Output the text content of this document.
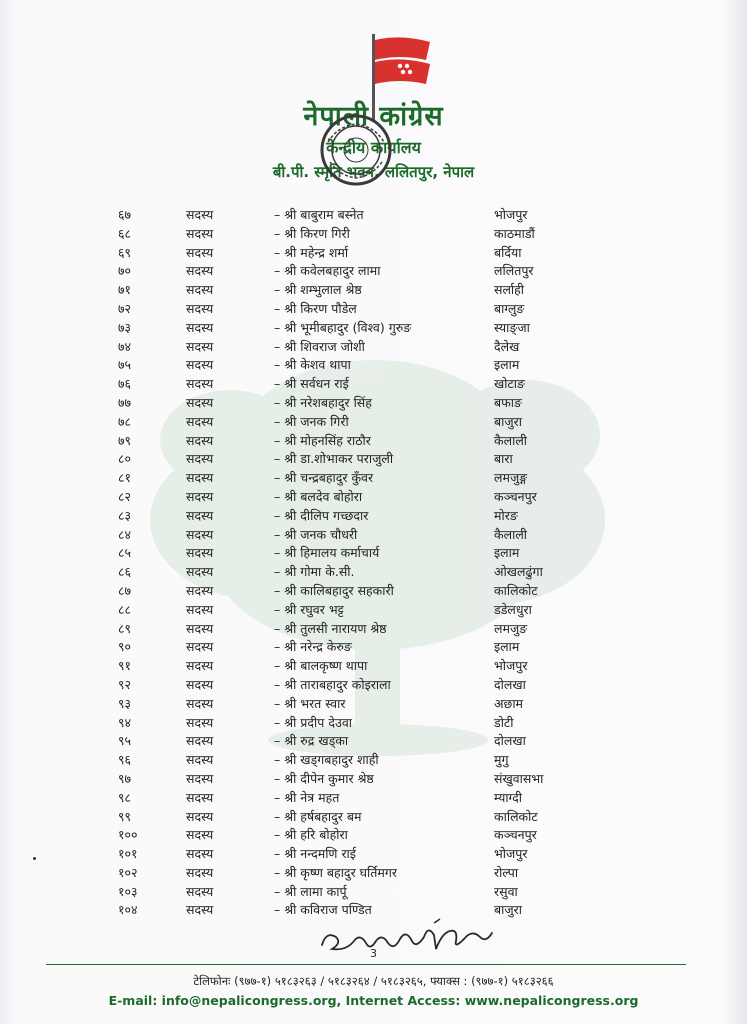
नेपाली कांग्रेस
केन्द्रीय कार्यालय
बी.पी. स्मृति भवन, ललितपुर, नेपाल
६७	सदस्य	– श्री बाबुराम बस्नेत	भोजपुर
६८	सदस्य	– श्री किरण गिरी	काठमाडौं
६९	सदस्य	– श्री महेन्द्र शर्मा	बर्दिया
७०	सदस्य	– श्री कवेलबहादुर लामा	ललितपुर
७१	सदस्य	– श्री शम्भुलाल श्रेष्ठ	सर्लाही
७२	सदस्य	– श्री किरण पौडेल	बाग्लुङ
७३	सदस्य	– श्री भूमीबहादुर (विश्व) गुरुङ	स्याङ्जा
७४	सदस्य	– श्री शिवराज जोशी	दैलेख
७५	सदस्य	– श्री केशव थापा	इलाम
७६	सदस्य	– श्री सर्वधन राई	खोटाङ
७७	सदस्य	– श्री नरेशबहादुर सिंह	बफाङ
७८	सदस्य	– श्री जनक गिरी	बाजुरा
७९	सदस्य	– श्री मोहनसिंह राठौर	कैलाली
८०	सदस्य	– श्री डा.शोभाकर पराजुली	बारा
८१	सदस्य	– श्री चन्द्रबहादुर कुँवर	लमजुङ्ग
८२	सदस्य	– श्री बलदेव बोहोरा	कञ्चनपुर
८३	सदस्य	– श्री दीलिप गच्छदार	मोरङ
८४	सदस्य	– श्री जनक चौधरी	कैलाली
८५	सदस्य	– श्री हिमालय कर्माचार्य	इलाम
८६	सदस्य	– श्री गोमा के.सी.	ओखलढुंगा
८७	सदस्य	– श्री कालिबहादुर सहकारी	कालिकोट
८८	सदस्य	– श्री रघुवर भट्ट	डडेलधुरा
८९	सदस्य	– श्री तुलसी नारायण श्रेष्ठ	लमजुङ
९०	सदस्य	– श्री नरेन्द्र केरुङ	इलाम
९१	सदस्य	– श्री बालकृष्ण थापा	भोजपुर
९२	सदस्य	– श्री ताराबहादुर कोइराला	दोलखा
९३	सदस्य	– श्री भरत स्वार	अछाम
९४	सदस्य	– श्री प्रदीप देउवा	डोटी
९५	सदस्य	– श्री रुद्र खड्का	दोलखा
९६	सदस्य	– श्री खड्गबहादुर शाही	मुगु
९७	सदस्य	– श्री दीपेन कुमार श्रेष्ठ	संखुवासभा
९८	सदस्य	– श्री नेत्र महत	म्याग्दी
९९	सदस्य	– श्री हर्षबहादुर बम	कालिकोट
१००	सदस्य	– श्री हरि बोहोरा	कञ्चनपुर
१०१	सदस्य	– श्री नन्दमणि राई	भोजपुर
१०२	सदस्य	– श्री कृष्ण बहादुर घर्तिमगर	रोल्पा
१०३	सदस्य	– श्री लामा कार्पू	रसुवा
१०४	सदस्य	– श्री कविराज पण्डित	बाजुरा
3
टेलिफोनः (९७७-१) ५१८३२६३ / ५१८३२६४ / ५१८३२६५, फ्याक्स : (९७७-१) ५१८३२६६
E-mail: info@nepalicongress.org, Internet Access: www.nepalicongress.org
